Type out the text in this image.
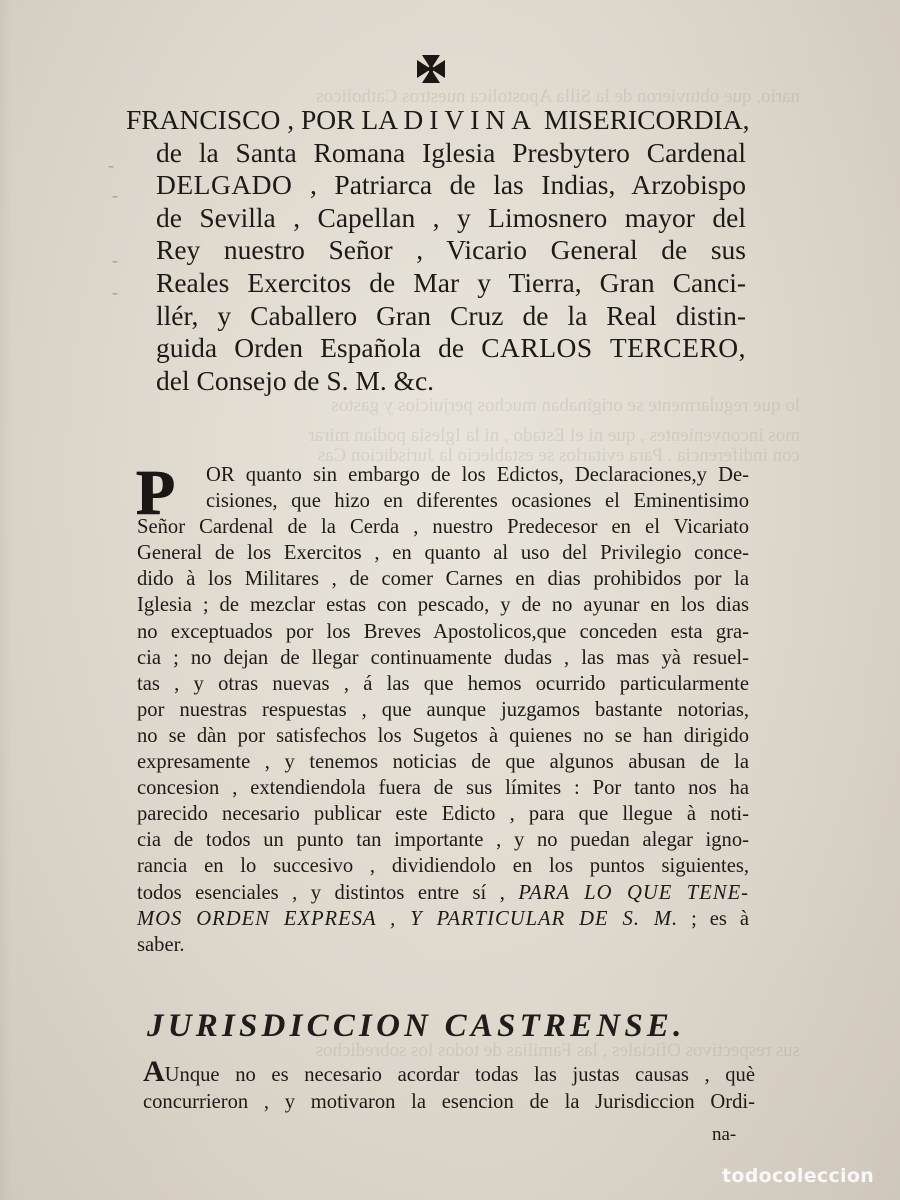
nario, que obtuvieron de la Silla Apostolica nuestros Catholicos
lo que regularmente se originaban muchos perjuicios y gastos
mos inconvenientes , que ni el Estado , ni la Iglesia podian mirar
con indiferencia . Para evitarlos se establecio la Jurisdicion Cas
sus respectivos Oficiales , las Familias de todos los sobredichos
-
-
-
-
FRANCISCO , POR LA DIVINA MISERICORDIA,
de la Santa Romana Iglesia Presbytero Cardenal
DELGADO , Patriarca de las Indias, Arzobispo
de Sevilla , Capellan , y Limosnero mayor del
Rey nuestro Señor , Vicario General de sus
Reales Exercitos de Mar y Tierra, Gran Canci-
llér, y Caballero Gran Cruz de la Real distin-
guida Orden Española de CARLOS TERCERO,
del Consejo de S. M. &c.
P OR quanto sin embargo de los Edictos, Declaraciones,y De-
cisiones, que hizo en diferentes ocasiones el Eminentisimo
Señor Cardenal de la Cerda , nuestro Predecesor en el Vicariato
General de los Exercitos , en quanto al uso del Privilegio conce-
dido à los Militares , de comer Carnes en dias prohibidos por la
Iglesia ; de mezclar estas con pescado, y de no ayunar en los dias
no exceptuados por los Breves Apostolicos,que conceden esta gra-
cia ; no dejan de llegar continuamente dudas , las mas yà resuel-
tas , y otras nuevas , á las que hemos ocurrido particularmente
por nuestras respuestas , que aunque juzgamos bastante notorias,
no se dàn por satisfechos los Sugetos à quienes no se han dirigido
expresamente , y tenemos noticias de que algunos abusan de la
concesion , extendiendola fuera de sus límites : Por tanto nos ha
parecido necesario publicar este Edicto , para que llegue à noti-
cia de todos un punto tan importante , y no puedan alegar igno-
rancia en lo succesivo , dividiendolo en los puntos siguientes,
todos esenciales , y distintos entre sí , PARA LO QUE TENE-
MOS ORDEN EXPRESA , Y PARTICULAR DE S. M. ; es à
saber.
JURISDICCION CASTRENSE.
AUnque no es necesario acordar todas las justas causas , què
concurrieron , y motivaron la esencion de la Jurisdiccion Ordi-
na-
todocoleccion
